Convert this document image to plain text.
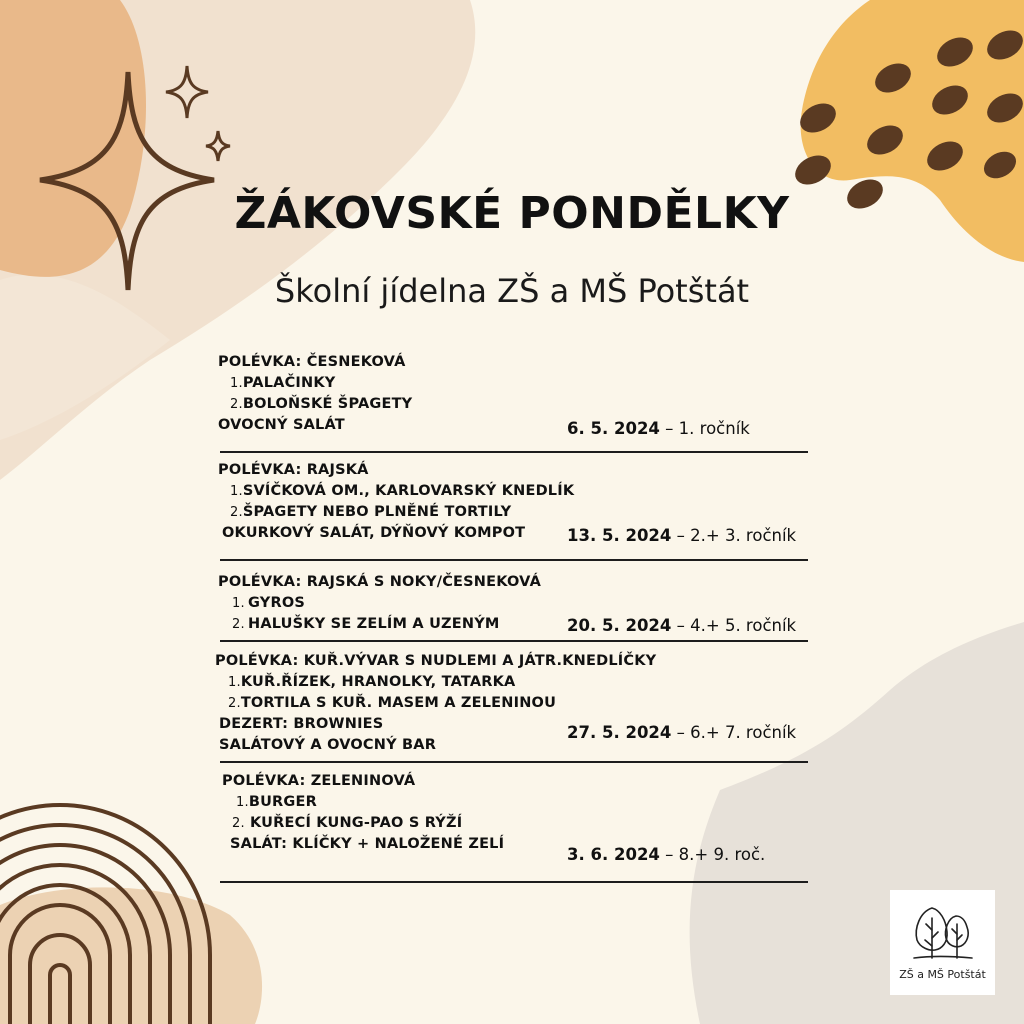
ŽÁKOVSKÉ PONDĚLKY
Školní jídelna ZŠ a MŠ Potštát
POLÉVKA: ČESNEKOVÁ
1.PALAČINKY
2.BOLOŇSKÉ ŠPAGETY
OVOCNÝ SALÁT	6. 5. 2024 – 1. ročník
POLÉVKA: RAJSKÁ
1.SVÍČKOVÁ OM., KARLOVARSKÝ KNEDLÍK
2.ŠPAGETY NEBO PLNĚNÉ TORTILY
OKURKOVÝ SALÁT, DÝŇOVÝ KOMPOT	13. 5. 2024 – 2.+ 3. ročník
POLÉVKA: RAJSKÁ S NOKY/ČESNEKOVÁ
1. GYROS
2. HALUŠKY SE ZELÍM A UZENÝM	20. 5. 2024 – 4.+ 5. ročník
POLÉVKA: KUŘ.VÝVAR S NUDLEMI A JÁTR.KNEDLÍČKY
1.KUŘ.ŘÍZEK, HRANOLKY, TATARKA
2.TORTILA S KUŘ. MASEM A ZELENINOU
DEZERT: BROWNIES
SALÁTOVÝ A OVOCNÝ BAR
27. 5. 2024 – 6.+ 7. ročník
POLÉVKA: ZELENINOVÁ
1.BURGER
2. KUŘECÍ KUNG-PAO S RÝŽÍ
SALÁT: KLÍČKY + NALOŽENÉ ZELÍ
3. 6. 2024 – 8.+ 9. roč.
ZŠ a MŠ Potštát
